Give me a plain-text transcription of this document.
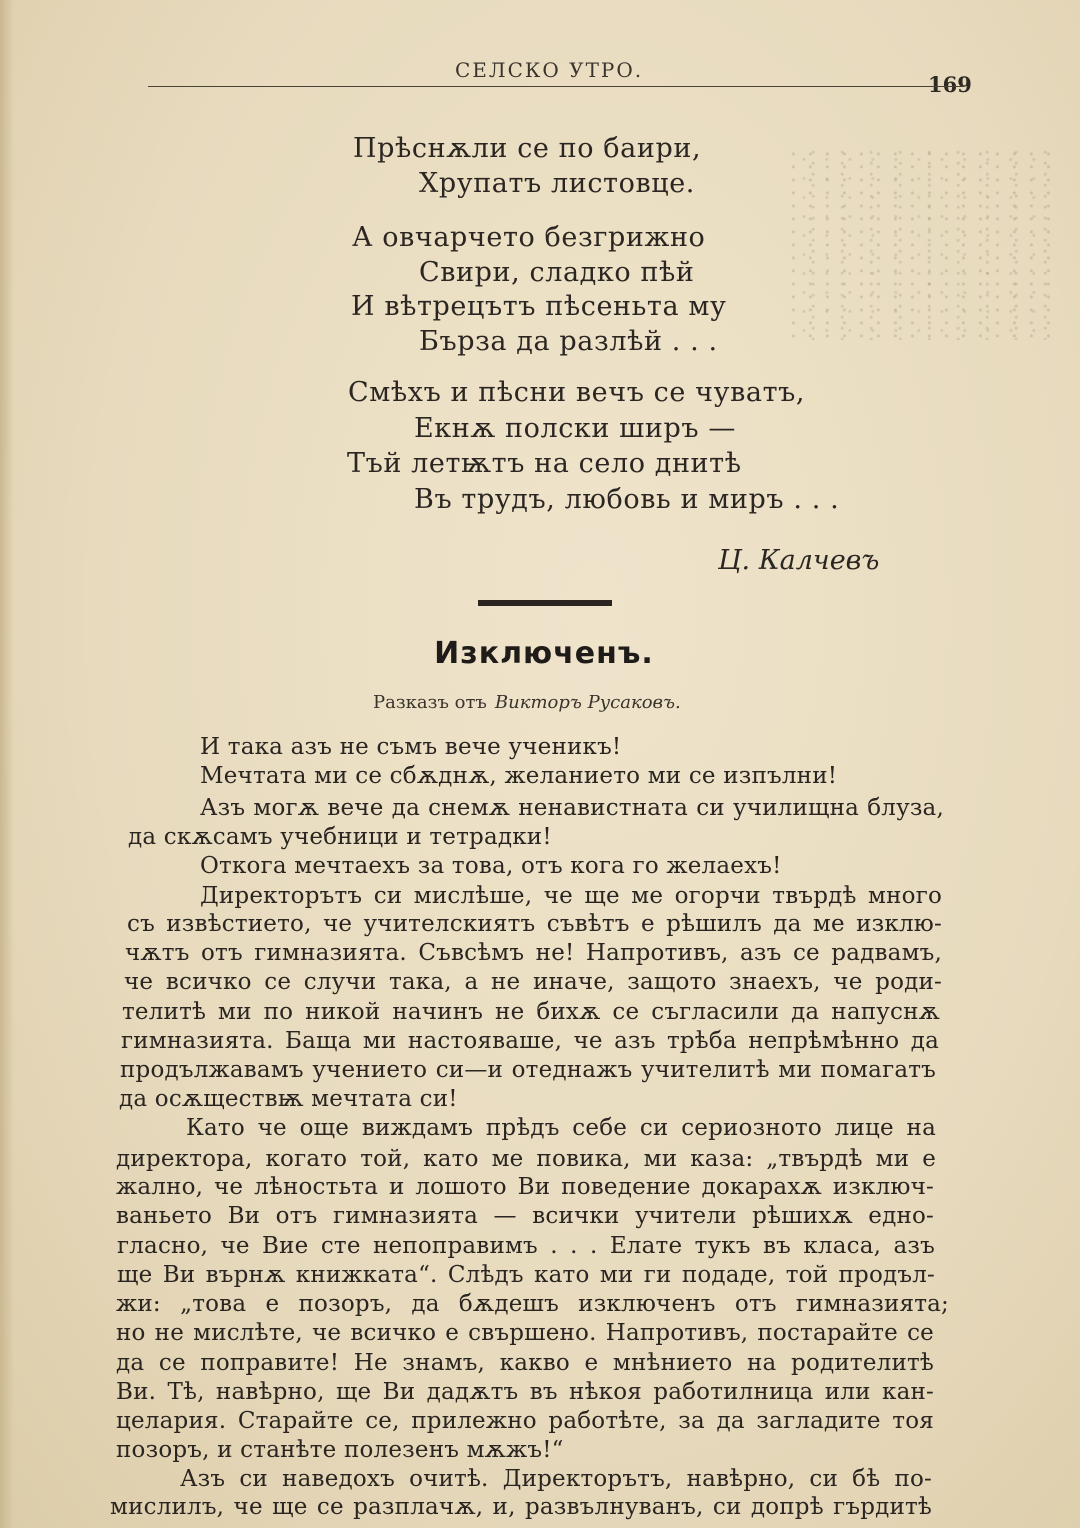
СЕЛСКО УТРО.
169
Прѣснѫли се по баири,
Хрупатъ листовце.
А овчарчето безгрижно
Свири, сладко пѣй
И вѣтрецътъ пѣсеньта му
Бърза да разлѣй . . .
Смѣхъ и пѣсни вечъ се чуватъ,
Екнѫ полски ширъ —
Тъй летѭтъ на село днитѣ
Въ трудъ, любовь и миръ . . .
Ц. Калчевъ
Изключенъ.
Разказъ отъ Викторъ Русаковъ.
И така азъ не съмъ вече ученикъ!
Мечтата ми се сбѫднѫ, желанието ми се изпълни!
Азъ могѫ вече да снемѫ ненавистната си училищна блуза,
да скѫсамъ учебници и тетрадки!
Откога мечтаехъ за това, отъ кога го желаехъ!
Директорътъ си мислѣше, че ще ме огорчи твърдѣ много
съ извѣстието, че учителскиятъ съвѣтъ е рѣшилъ да ме изклю-
чѫтъ отъ гимназията. Съвсѣмъ не! Напротивъ, азъ се радвамъ,
че всичко се случи така, а не иначе, защото знаехъ, че роди-
телитѣ ми по никой начинъ не бихѫ се съгласили да напуснѫ
гимназията. Баща ми настояваше, че азъ трѣба непрѣмѣнно да
продължавамъ учението си—и отеднажъ учителитѣ ми помагатъ
да осѫществѭ мечтата си!
Като че още виждамъ прѣдъ себе си сериозното лице на
директора, когато той, като ме повика, ми каза: „твърдѣ ми е
жално, че лѣностьта и лошото Ви поведение докарахѫ изключ-
ваньето Ви отъ гимназията — всички учители рѣшихѫ едно-
гласно, че Вие сте непоправимъ . . . Елате тукъ въ класа, азъ
ще Ви върнѫ книжката“. Слѣдъ като ми ги подаде, той продъл-
жи: „това е позоръ, да бѫдешъ изключенъ отъ гимназията;
но не мислѣте, че всичко е свършено. Напротивъ, постарайте се
да се поправите! Не знамъ, какво е мнѣнието на родителитѣ
Ви. Тѣ, навѣрно, ще Ви дадѫтъ въ нѣкоя работилница или кан-
целария. Старайте се, прилежно работѣте, за да загладите тоя
позоръ, и станѣте полезенъ мѫжъ!“
Азъ си наведохъ очитѣ. Директорътъ, навѣрно, си бѣ по-
мислилъ, че ще се разплачѫ, и, развълнуванъ, си допрѣ гърдитѣ
